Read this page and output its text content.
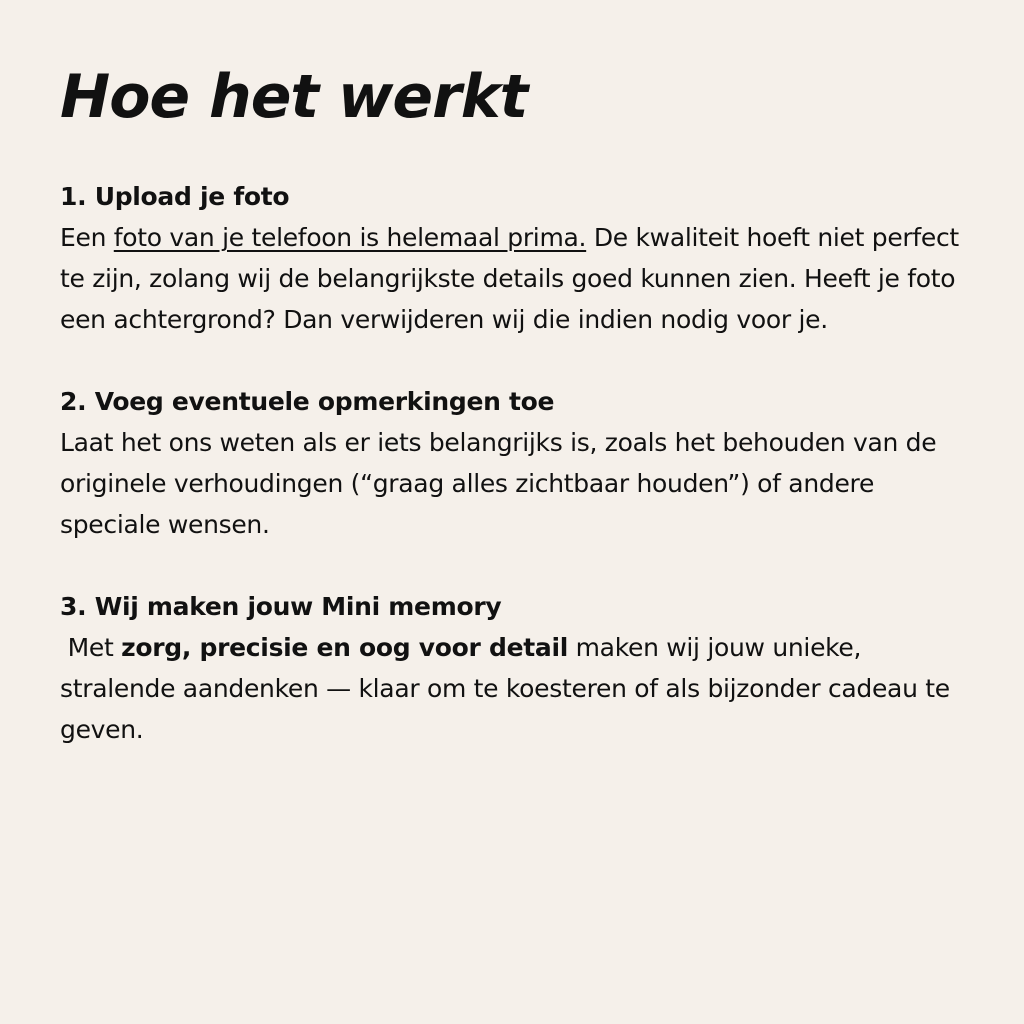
Hoe het werkt

1. Upload je foto

Een foto van je telefoon is helemaal prima. De kwaliteit hoeft niet perfect te zijn, zolang wij de belangrijkste details goed kunnen zien. Heeft je foto een achtergrond? Dan verwijderen wij die indien nodig voor je.

2. Voeg eventuele opmerkingen toe

Laat het ons weten als er iets belangrijks is, zoals het behouden van de originele verhoudingen (“graag alles zichtbaar houden”) of andere speciale wensen.

3. Wij maken jouw Mini memory

Met zorg, precisie en oog voor detail maken wij jouw unieke, stralende aandenken — klaar om te koesteren of als bijzonder cadeau te geven.
